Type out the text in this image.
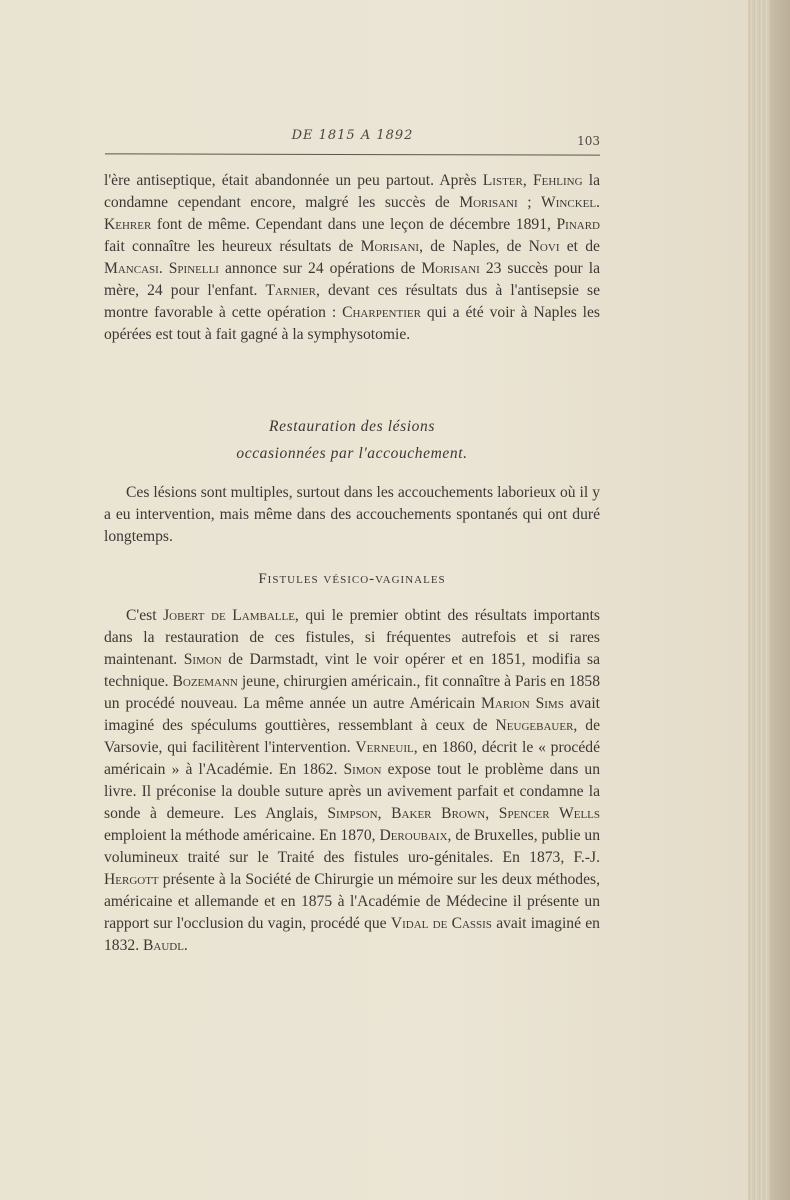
DE 1815 A 1892	103

l'ère antiseptique, était abandonnée un peu partout. Après Lister, Fehling la condamne cependant encore, malgré les succès de Morisani ; Winckel. Kehrer font de même. Cependant dans une leçon de décembre 1891, Pinard fait connaître les heureux résultats de Morisani, de Naples, de Novi et de Mancasi. Spinelli annonce sur 24 opérations de Morisani 23 succès pour la mère, 24 pour l'enfant. Tarnier, devant ces résultats dus à l'antisepsie se montre favorable à cette opération : Charpentier qui a été voir à Naples les opérées est tout à fait gagné à la symphysotomie.

Restauration des lésions
occasionnées par l'accouchement.

Ces lésions sont multiples, surtout dans les accouchements laborieux où il y a eu intervention, mais même dans des accouchements spontanés qui ont duré longtemps.

Fistules vésico-vaginales

C'est Jobert de Lamballe, qui le premier obtint des résultats importants dans la restauration de ces fistules, si fréquentes autrefois et si rares maintenant. Simon de Darmstadt, vint le voir opérer et en 1851, modifia sa technique. Bozemann jeune, chirurgien américain., fit connaître à Paris en 1858 un procédé nouveau. La même année un autre Américain Marion Sims avait imaginé des spéculums gouttières, ressemblant à ceux de Neugebauer, de Varsovie, qui facilitèrent l'intervention. Verneuil, en 1860, décrit le « procédé américain » à l'Académie. En 1862. Simon expose tout le problème dans un livre. Il préconise la double suture après un avivement parfait et condamne la sonde à demeure. Les Anglais, Simpson, Baker Brown, Spencer Wells emploient la méthode américaine. En 1870, Deroubaix, de Bruxelles, publie un volumineux traité sur le Traité des fistules uro-génitales. En 1873, F.-J. Hergott présente à la Société de Chirurgie un mémoire sur les deux méthodes, américaine et allemande et en 1875 à l'Académie de Médecine il présente un rapport sur l'occlusion du vagin, procédé que Vidal de Cassis avait imaginé en 1832. Baudl.
